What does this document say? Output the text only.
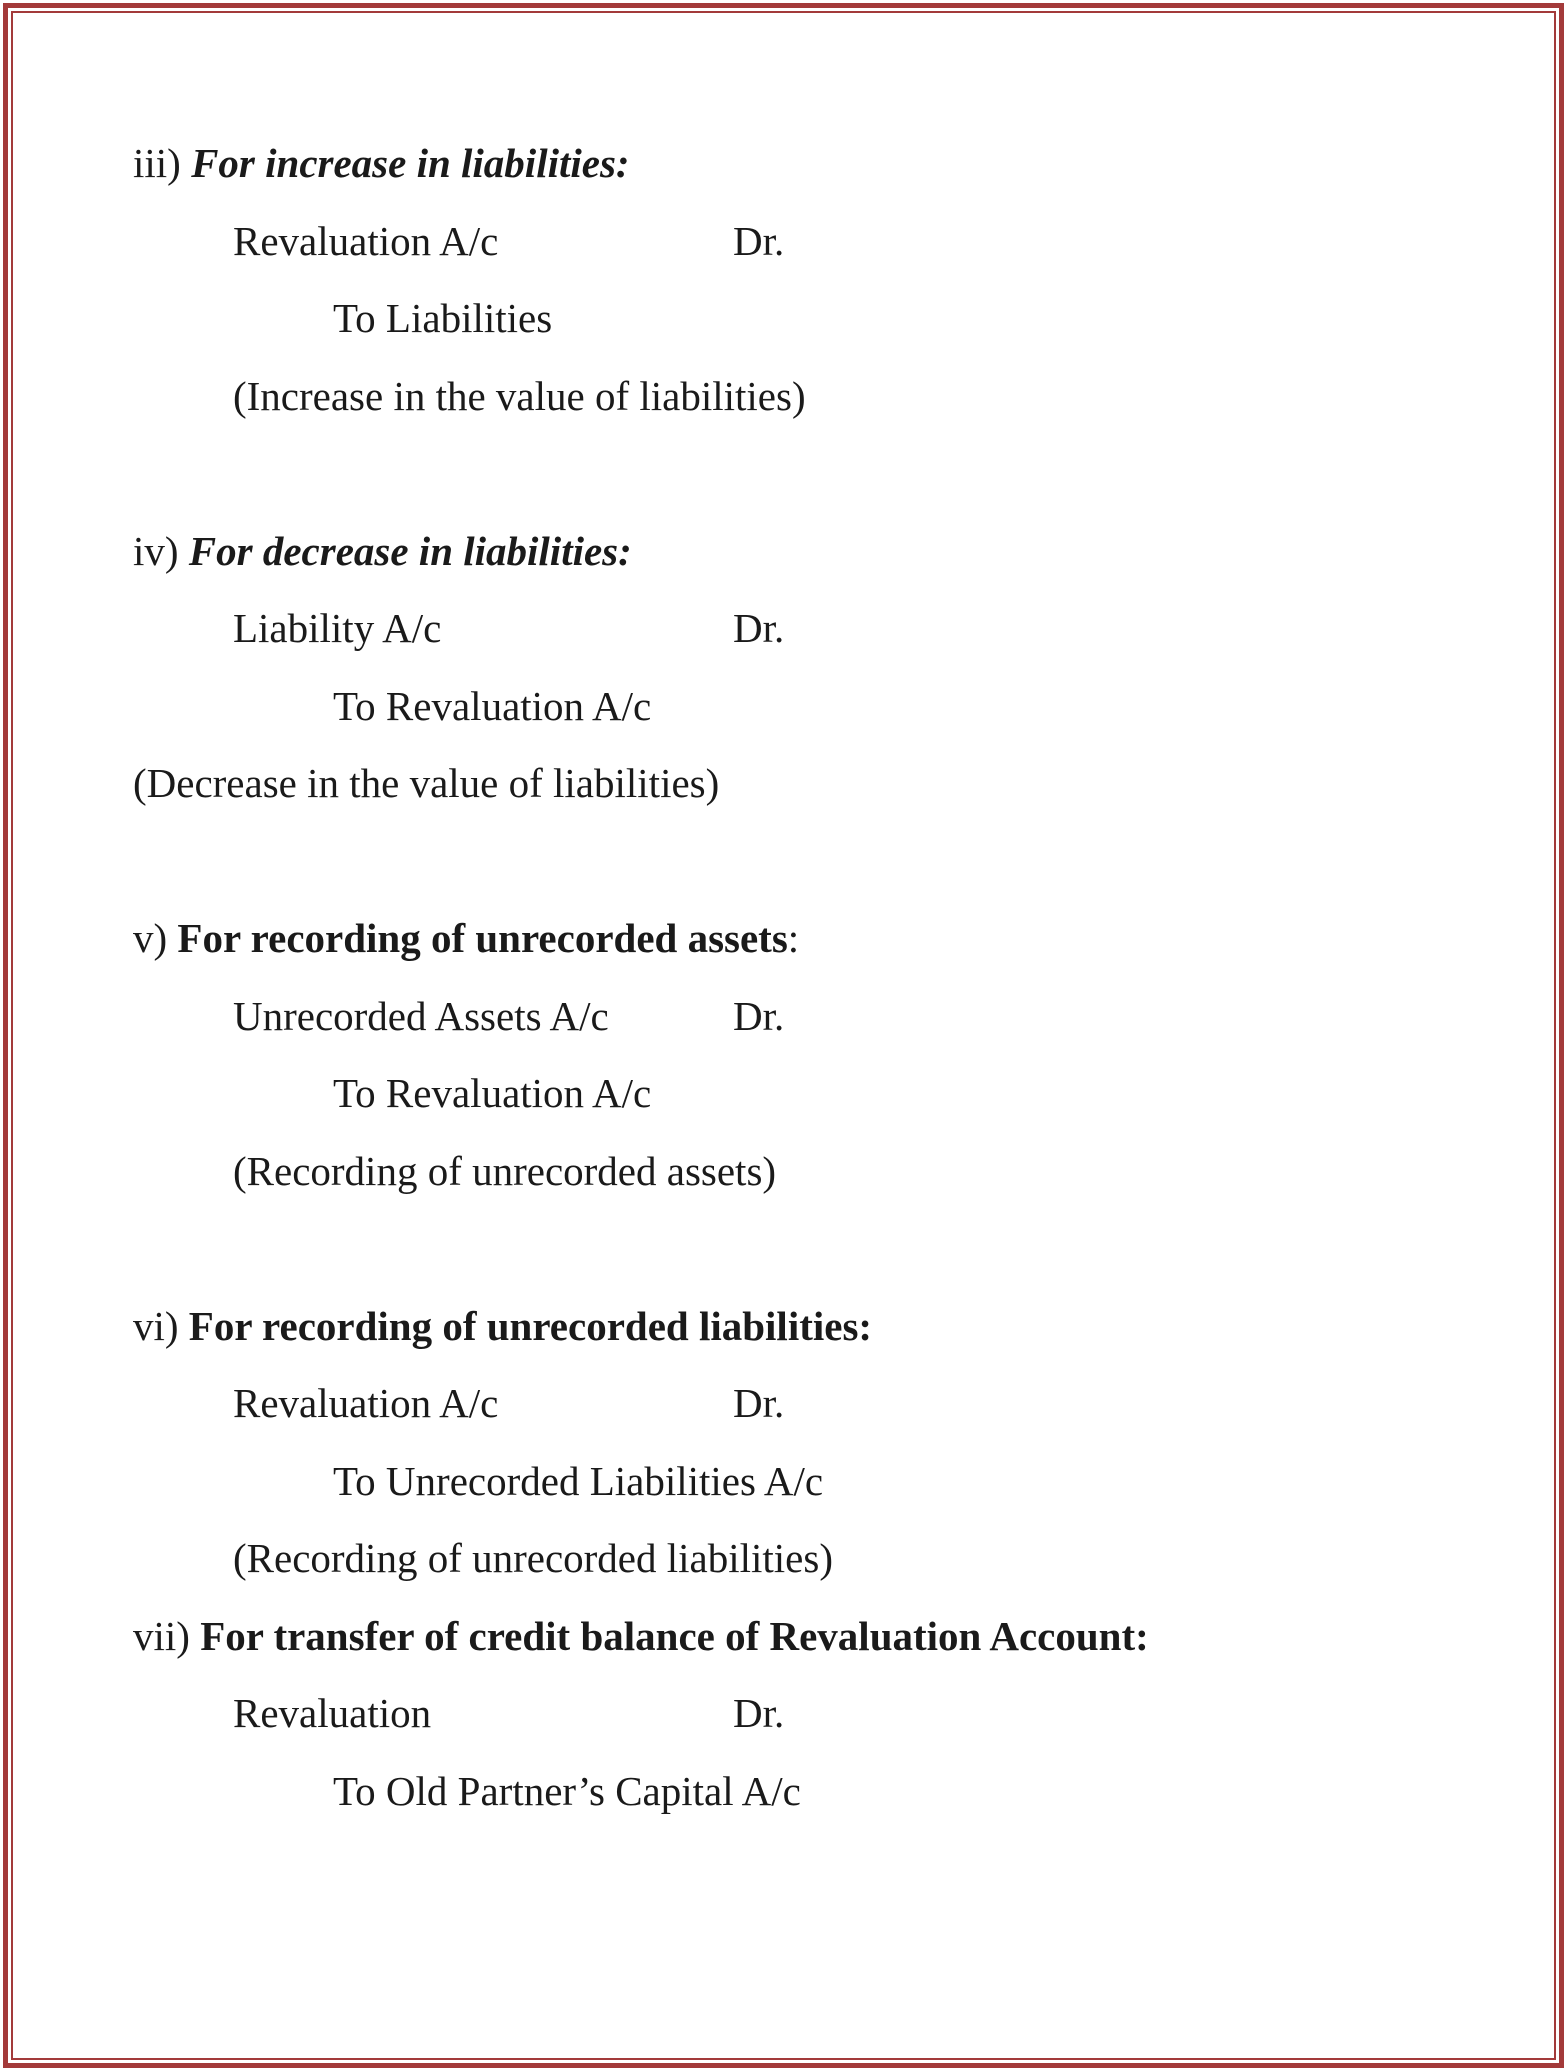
iii) For increase in liabilities:
Revaluation A/c	Dr.
To Liabilities
(Increase in the value of liabilities)
iv) For decrease in liabilities:
Liability A/c	Dr.
To Revaluation A/c
(Decrease in the value of liabilities)
v) For recording of unrecorded assets:
Unrecorded Assets A/c	Dr.
To Revaluation A/c
(Recording of unrecorded assets)
vi) For recording of unrecorded liabilities:
Revaluation A/c	Dr.
To Unrecorded Liabilities A/c
(Recording of unrecorded liabilities)
vii) For transfer of credit balance of Revaluation Account:
Revaluation	Dr.
To Old Partner’s Capital A/c
